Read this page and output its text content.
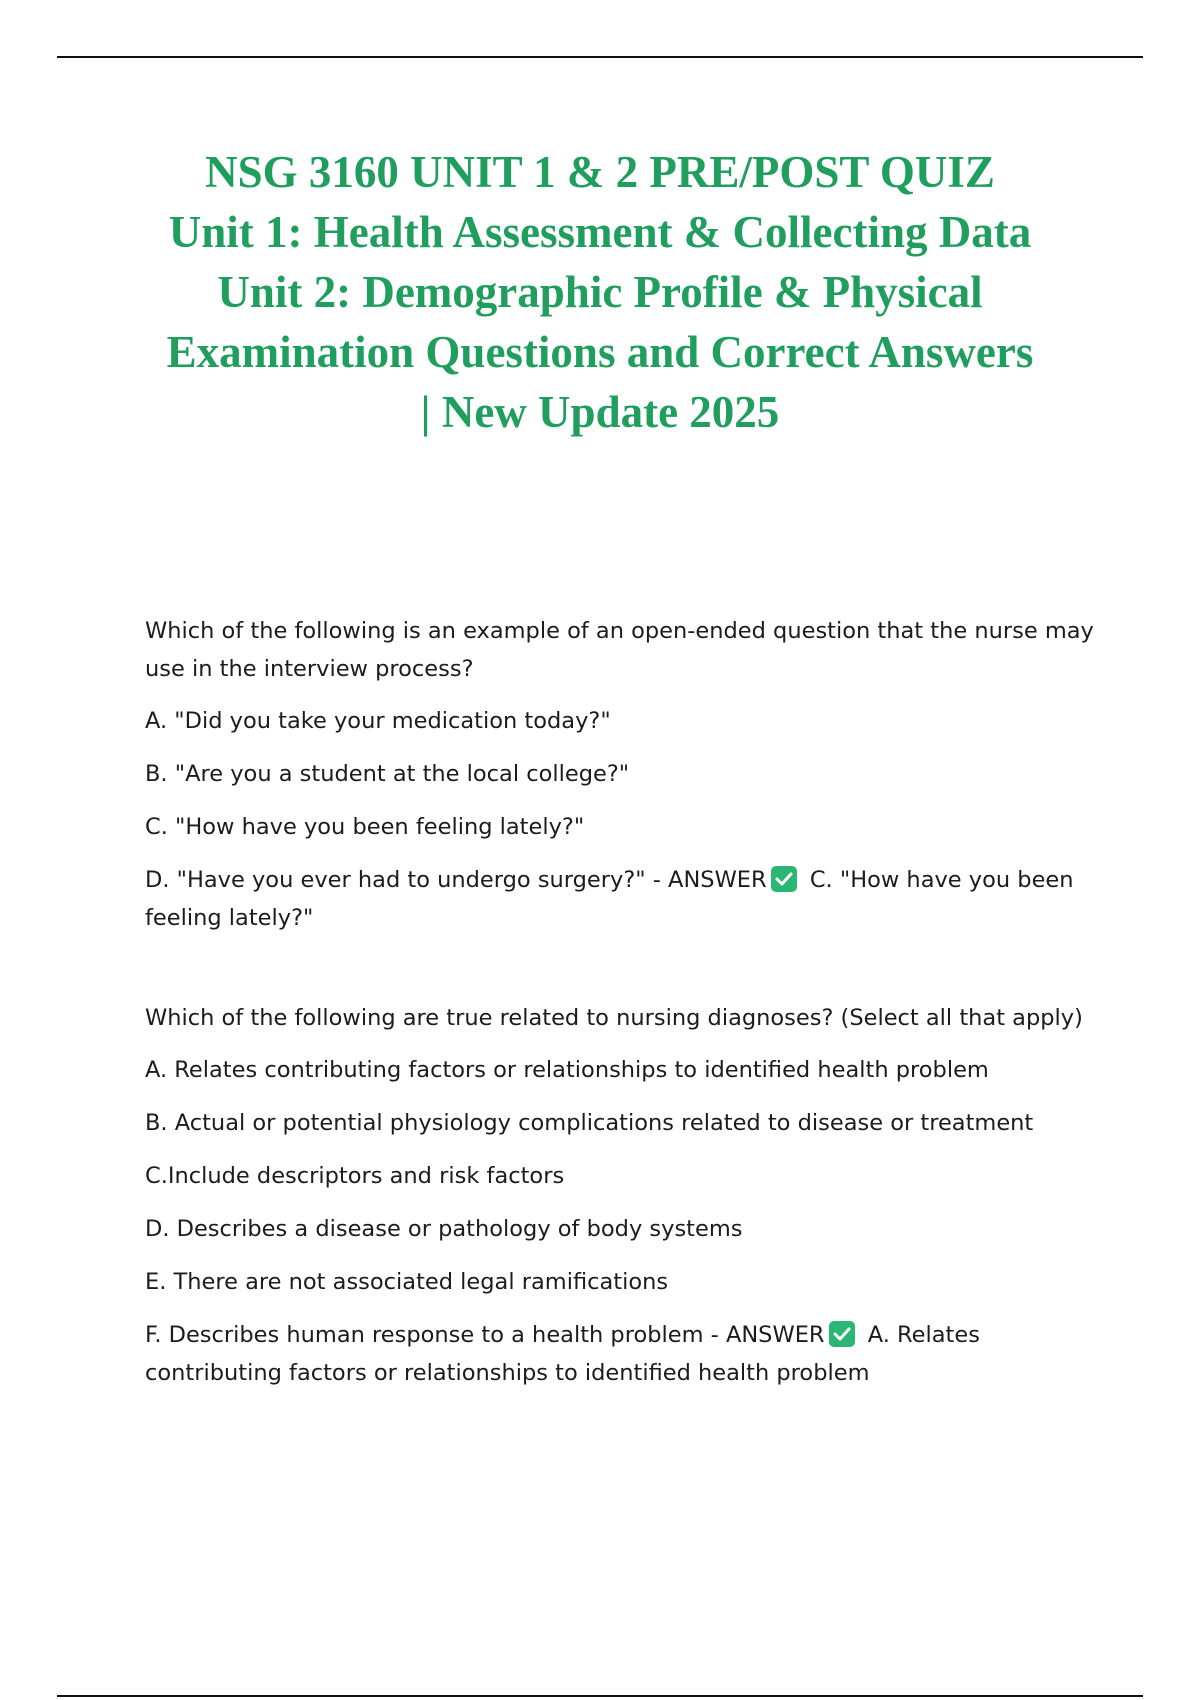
NSG 3160 UNIT 1 & 2 PRE/POST QUIZ
Unit 1: Health Assessment & Collecting Data
Unit 2: Demographic Profile & Physical
Examination Questions and Correct Answers
| New Update 2025

Which of the following is an example of an open-ended question that the nurse may use in the interview process?

A. "Did you take your medication today?"

B. "Are you a student at the local college?"

C. "How have you been feeling lately?"

D. "Have you ever had to undergo surgery?" - ANSWER C. "How have you been feeling lately?"

Which of the following are true related to nursing diagnoses? (Select all that apply)

A. Relates contributing factors or relationships to identified health problem

B. Actual or potential physiology complications related to disease or treatment

C.Include descriptors and risk factors

D. Describes a disease or pathology of body systems

E. There are not associated legal ramifications

F. Describes human response to a health problem - ANSWER A. Relates contributing factors or relationships to identified health problem
